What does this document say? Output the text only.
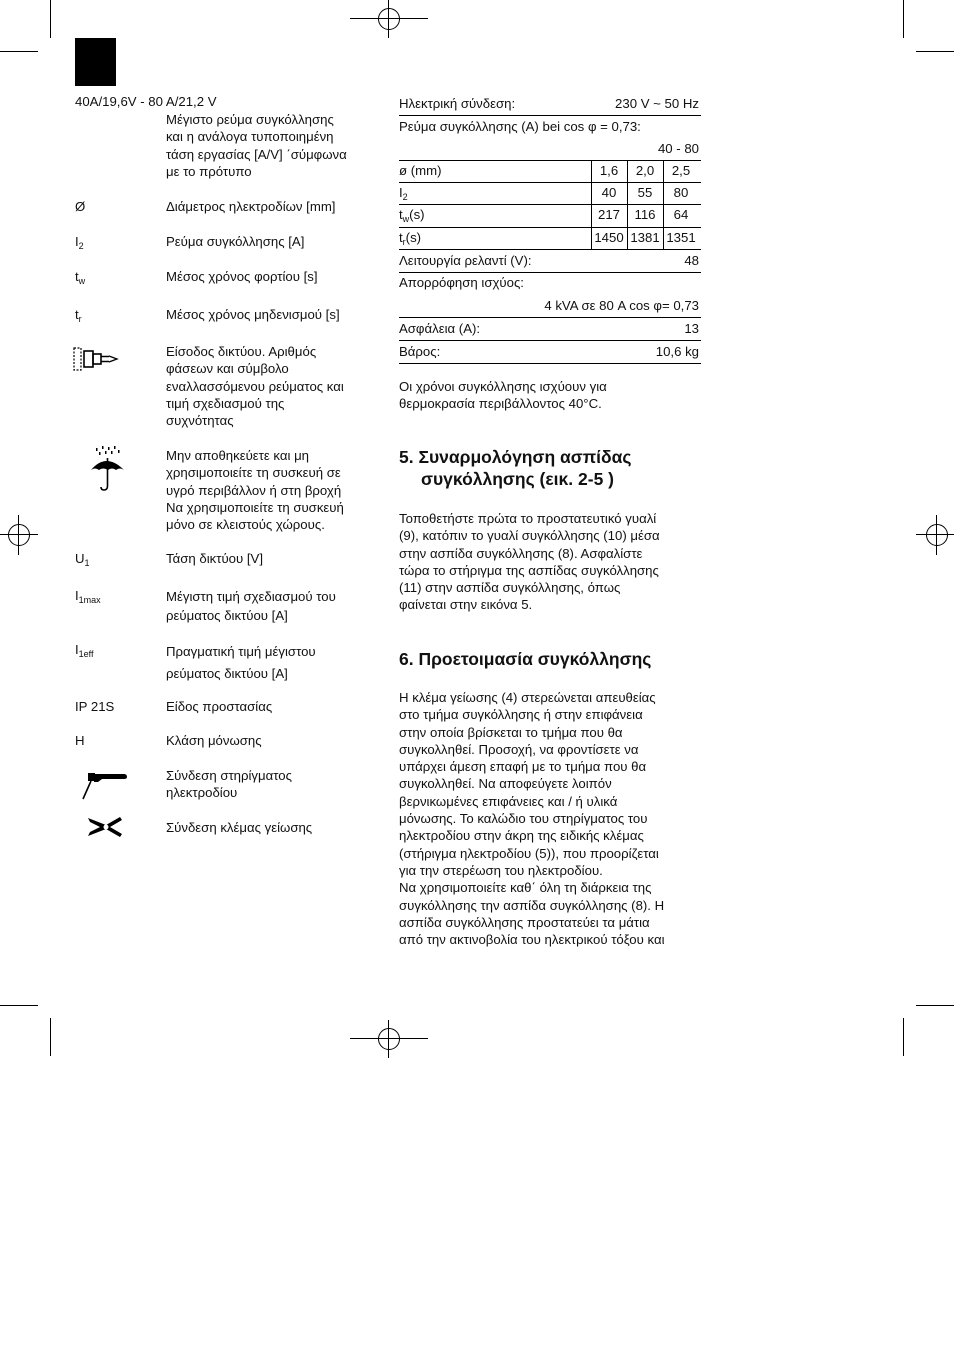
40A/19,6V - 80 A/21,2 V
Μέγιστο ρεύμα συγκόλλησης
και η ανάλογα τυποποιημένη
τάση εργασίας [A/V] ΄σύμφωνα
με το πρότυπο
Ø	Διάμετρος ηλεκτροδίων [mm]
$I_2$	Ρεύμα συγκόλλησης [A]
$t_w$	Μέσος χρόνος φορτίου [s]
$t_r$	Μέσος χρόνος μηδενισμού [s]
Είσοδος δικτύου. Αριθμός
φάσεων και σύμβολο
εναλλασσόμενου ρεύματος και
τιμή σχεδιασμού της
συχνότητας
Μην αποθηκεύετε και μη
χρησιμοποιείτε τη συσκευή σε
υγρό περιβάλλον ή στη βροχή
Να χρησιμοποιείτε τη συσκευή
μόνο σε κλειστούς χώρους.
$U_1$	Τάση δικτύου [V]
$I_{1max}$	Μέγιστη τιμή σχεδιασμού του
ρεύματος δικτύου [A]
$I_{1eff}$	Πραγματική τιμή μέγιστου
ρεύματος δικτύου [A]
IP 21S	Είδος προστασίας
H	Κλάση μόνωσης
Σύνδεση στηρίγματος
ηλεκτροδίου
Σύνδεση κλέμας γείωσης
Ηλεκτρική σύνδεση:	230 V ~ 50 Hz
Ρεύμα συγκόλλησης (A) bei cos φ = 0,73:
40 - 80
ø (mm)	1,6	2,0	2,5
$I_2$	40	55	80
$t_w(s)$	217	116	64
$t_r(s)$	1450 1381 1351
Λειτουργία ρελαντί (V):	48
Απορρόφηση ισχύος:
4 kVA σε 80 A cos φ= 0,73
Ασφάλεια (A):	13
Βάρος:	10,6 kg
Οι χρόνοι συγκόλλησης ισχύουν για
θερμοκρασία περιβάλλοντος 40°C.
5. Συναρμολόγηση ασπίδας
συγκόλλησης (εικ. 2-5 )
Τοποθετήστε πρώτα το προστατευτικό γυαλί
(9), κατόπιν το γυαλί συγκόλλησης (10) μέσα
στην ασπίδα συγκόλλησης (8). Ασφαλίστε
τώρα το στήριγμα της ασπίδας συγκόλλησης
(11) στην ασπίδα συγκόλλησης, όπως
φαίνεται στην εικόνα 5.
6. Προετοιμασία συγκόλλησης
Η κλέμα γείωσης (4) στερεώνεται απευθείας
στο τμήμα συγκόλλησης ή στην επιφάνεια
στην οποία βρίσκεται το τμήμα που θα
συγκολληθεί. Προσοχή, να φροντίσετε να
υπάρχει άμεση επαφή με το τμήμα που θα
συγκολληθεί. Να αποφεύγετε λοιπόν
βερνικωμένες επιφάνειες και / ή υλικά
μόνωσης. Το καλώδιο του στηρίγματος του
ηλεκτροδίου στην άκρη της ειδικής κλέμας
(στήριγμα ηλεκτροδίου (5)), που προορίζεται
για την στερέωση του ηλεκτροδίου.
Να χρησιμοποιείτε καθ΄ όλη τη διάρκεια της
συγκόλλησης την ασπίδα συγκόλλησης (8). Η
ασπίδα συγκόλλησης προστατεύει τα μάτια
από την ακτινοβολία του ηλεκτρικού τόξου και
